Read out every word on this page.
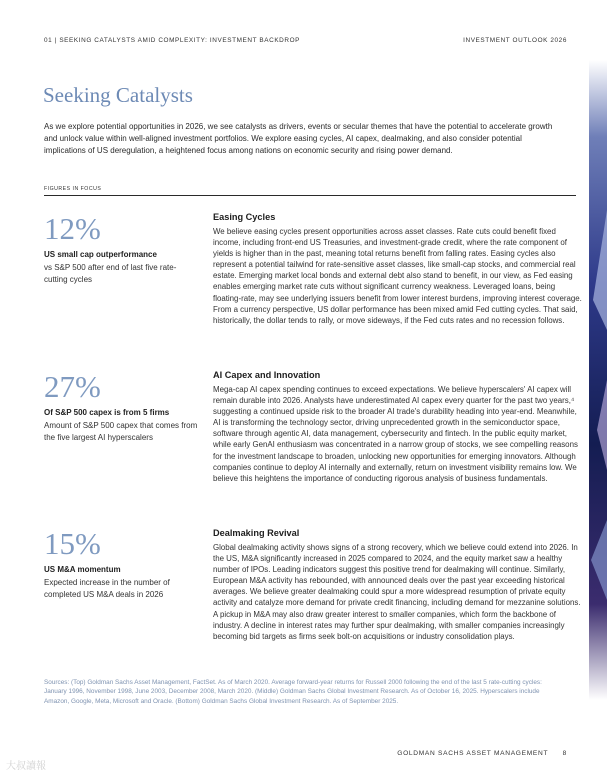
01 | SEEKING CATALYSTS AMID COMPLEXITY: INVESTMENT BACKDROP	INVESTMENT OUTLOOK 2026
Seeking Catalysts

As we explore potential opportunities in 2026, we see catalysts as drivers, events or secular themes that have the potential to accelerate growth and unlock value within well-aligned investment portfolios. We explore easing cycles, AI capex, dealmaking, and also consider potential implications of US deregulation, a heightened focus among nations on economic security and rising power demand.

FIGURES IN FOCUS
12%
US small cap outperformance
vs S&P 500 after end of last five rate-cutting cycles
27%
Of S&P 500 capex is from 5 firms
Amount of S&P 500 capex that comes from the five largest AI hyperscalers
15%
US M&A momentum
Expected increase in the number of completed US M&A deals in 2026
Easing Cycles

We believe easing cycles present opportunities across asset classes. Rate cuts could benefit fixed income, including front-end US Treasuries, and investment-grade credit, where the rate component of yields is higher than in the past, meaning total returns benefit from falling rates. Easing cycles also represent a potential tailwind for rate-sensitive asset classes, like small-cap stocks, and commercial real estate. Emerging market local bonds and external debt also stand to benefit, in our view, as Fed easing enables emerging market rate cuts without significant currency weakness. Leveraged loans, being floating-rate, may see underlying issuers benefit from lower interest burdens, improving interest coverage. From a currency perspective, US dollar performance has been mixed amid Fed cutting cycles. That said, historically, the dollar tends to rally, or move sideways, if the Fed cuts rates and no recession follows.

AI Capex and Innovation

Mega-cap AI capex spending continues to exceed expectations. We believe hyperscalers' AI capex will remain durable into 2026. Analysts have underestimated AI capex every quarter for the past two years,⁴ suggesting a continued upside risk to the broader AI trade's durability heading into year-end. Meanwhile, AI is transforming the technology sector, driving unprecedented growth in the semiconductor space, software through agentic AI, data management, cybersecurity and fintech. In the public equity market, while early GenAI enthusiasm was concentrated in a narrow group of stocks, we see compelling reasons for the investment landscape to broaden, unlocking new opportunities for emerging innovators. Although companies continue to deploy AI internally and externally, return on investment visibility remains low. We believe this heightens the importance of conducting rigorous analysis of business fundamentals.

Dealmaking Revival

Global dealmaking activity shows signs of a strong recovery, which we believe could extend into 2026. In the US, M&A significantly increased in 2025 compared to 2024, and the equity market saw a healthy number of IPOs. Leading indicators suggest this positive trend for dealmaking will continue. Similarly, European M&A activity has rebounded, with announced deals over the past year exceeding historical averages. We believe greater dealmaking could spur a more widespread resumption of private equity activity and catalyze more demand for private credit financing, including demand for mezzanine solutions. A pickup in M&A may also draw greater interest to smaller companies, which form the backbone of industry. A decline in interest rates may further spur dealmaking, with smaller companies increasingly becoming bid targets as firms seek bolt-on acquisitions or industry consolidation plays.

Sources: (Top) Goldman Sachs Asset Management, FactSet. As of March 2020. Average forward-year returns for Russell 2000 following the end of the last 5 rate-cutting cycles: January 1996, November 1998, June 2003, December 2008, March 2020. (Middle) Goldman Sachs Global Investment Research. As of October 16, 2025. Hyperscalers include Amazon, Google, Meta, Microsoft and Oracle. (Bottom) Goldman Sachs Global Investment Research. As of September 2025.

GOLDMAN SACHS ASSET MANAGEMENT 8
大叔讀報
